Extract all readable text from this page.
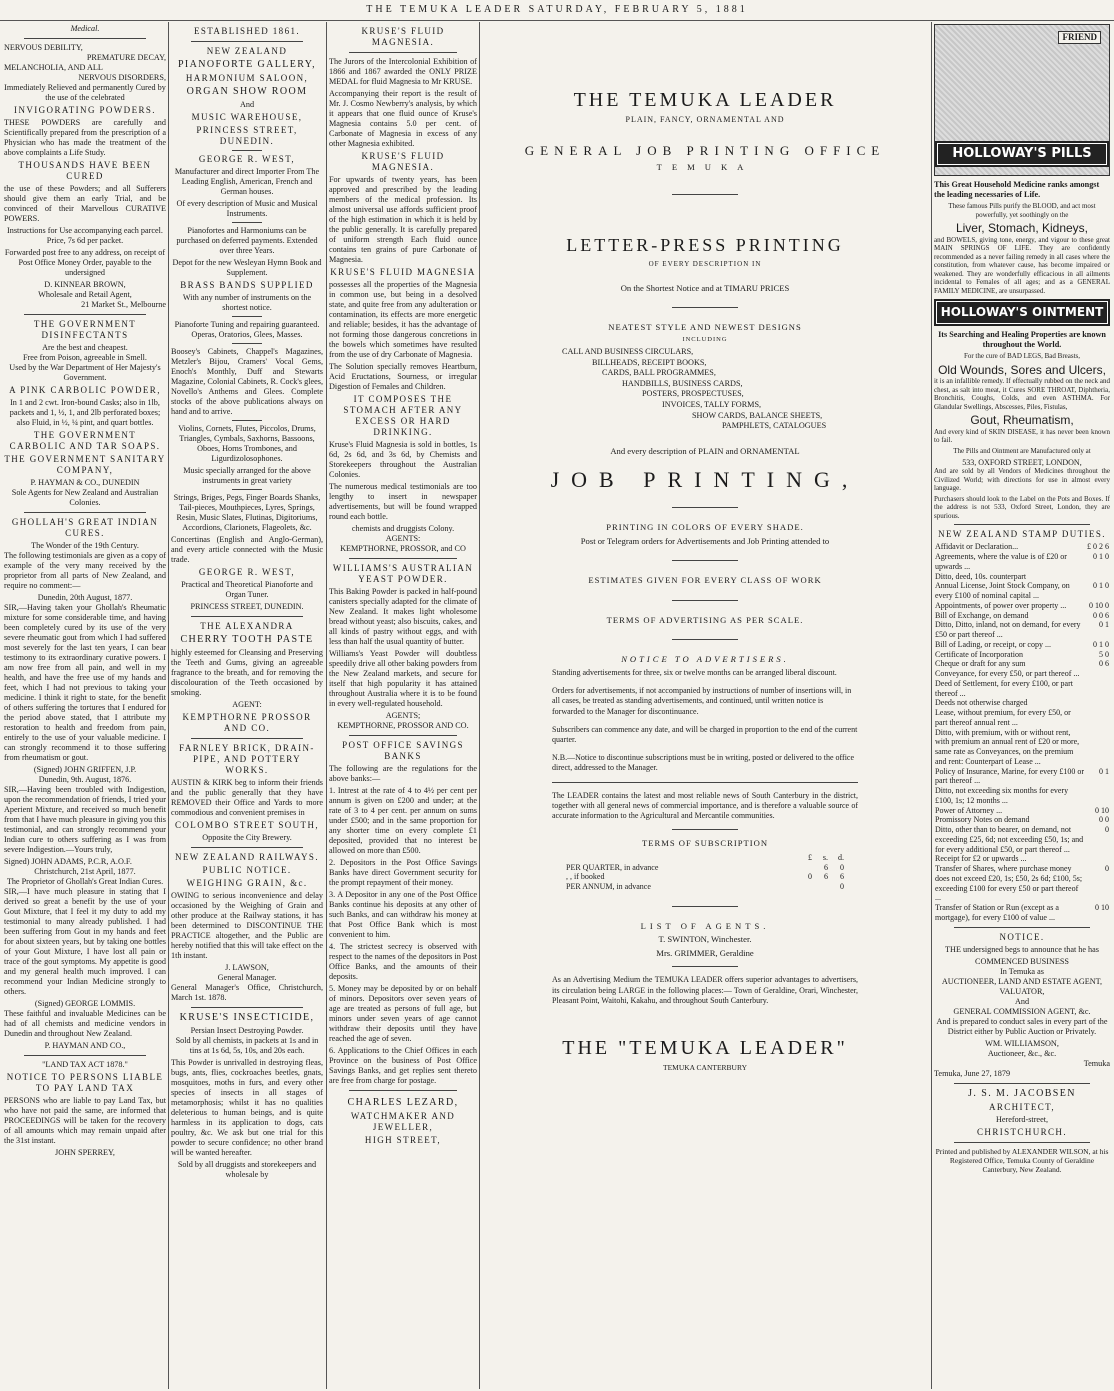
THE TEMUKA LEADER SATURDAY, FEBRUARY 5, 1881
Medical.
NERVOUS DEBILITY,
PREMATURE DECAY,
MELANCHOLIA, AND ALL
NERVOUS DISORDERS,

Immediately Relieved and permanently Cured by the use of the celebrated

INVIGORATING POWDERS.

THESE POWDERS are carefully and Scientifically prepared from the prescription of a Physician who has made the treatment of the above complaints a Life Study.

THOUSANDS HAVE BEEN CURED

the use of these Powders; and all Sufferers should give them an early Trial, and be convinced of their Marvellous CURATIVE POWERS.

Instructions for Use accompanying each parcel. Price, 7s 6d per packet.

Forwarded post free to any address, on receipt of Post Office Money Order, payable to the undersigned

D. KINNEAR BROWN,
Wholesale and Retail Agent,
21 Market St., Melbourne
THE GOVERNMENT DISINFECTANTS
Are the best and cheapest.
Free from Poison, agreeable in Smell.
Used by the War Department of Her Majesty's Government.
A PINK CARBOLIC POWDER,

In 1 and 2 cwt. Iron-bound Casks; also in 1lb, packets and 1, ½, 1, and 2lb perforated boxes; also Fluid, in ½, ¼ pint, and quart bottles.

THE GOVERNMENT CARBOLIC AND TAR SOAPS.
THE GOVERNMENT SANITARY COMPANY,
P. HAYMAN & CO., DUNEDIN
Sole Agents for New Zealand and Australian Colonies.
GHOLLAH'S GREAT INDIAN CURES.
The Wonder of the 19th Century.

The following testimonials are given as a copy of example of the very many received by the proprietor from all parts of New Zealand, and require no comment:—

Dunedin, 20th August, 1877.

SIR,—Having taken your Ghollah's Rheumatic mixture for some considerable time, and having been completely cured by its use of the very severe rheumatic gout from which I had suffered most severely for the last ten years, I can bear testimony to its extraordinary curative powers. I am now free from all pain, and well in my health, and have the free use of my hands and feet, which I had not previous to taking your medicine. I think it right to state, for the benefit of others suffering the tortures that I endured for the period above stated, that I attribute my restoration to health and freedom from pain, entirely to the use of your valuable medicine. I can strongly recommend it to those suffering from rheumatism or gout.

(Signed) JOHN GRIFFEN, J.P.
Dunedin, 9th. August, 1876.

SIR,—Having been troubled with Indigestion, upon the recommendation of friends, I tried your Aperient Mixture, and received so much benefit from that I have much pleasure in giving you this testimonial, and can strongly recommend your Indian cure to others suffering as I was from severe Indigestion.—Yours truly,

Signed) JOHN ADAMS, P.C.R, A.O.F.
Christchurch, 21st April, 1877.
The Proprietor of Ghollah's Great Indian Cures.

SIR,—I have much pleasure in stating that I derived so great a benefit by the use of your Gout Mixture, that I feel it my duty to add my testimonial to many already published. I had been suffering from Gout in my hands and feet for about sixteen years, but by taking one bottles of your Gout Mixture, I have lost all pain or trace of the gout symptoms. My appetite is good and my general health much improved. I can recommend your Indian Medicine strongly to others.

(Signed) GEORGE LOMMIS.

These faithful and invaluable Medicines can be had of all chemists and medicine vendors in Dunedin and throughout New Zealand.

P. HAYMAN AND CO.,
"LAND TAX ACT 1878."
NOTICE TO PERSONS LIABLE TO PAY LAND TAX

PERSONS who are liable to pay Land Tax, but who have not paid the same, are informed that PROCEEDINGS will be taken for the recovery of all amounts which may remain unpaid after the 31st instant.

JOHN SPERREY,
ESTABLISHED 1861.
NEW ZEALAND
PIANOFORTE GALLERY,
HARMONIUM SALOON,
ORGAN SHOW ROOM
And
MUSIC WAREHOUSE,
PRINCESS STREET, DUNEDIN.
GEORGE R. WEST,

Manufacturer and direct Importer From The Leading English, American, French and German houses.

Of every description of Music and Musical Instruments.

Pianofortes and Harmoniums can be purchased on deferred payments. Extended over three Years.

Depot for the new Wesleyan Hymn Book and Supplement.

BRASS BANDS SUPPLIED

With any number of instruments on the shortest notice.

Pianoforte Tuning and repairing guaranteed. Operas, Oratorios, Glees, Masses.

Boosey's Cabinets, Chappel's Magazines, Metzler's Bijou, Cramers' Vocal Gems, Enoch's Monthly, Duff and Stewarts Magazine, Colonial Cabinets, R. Cock's glees, Novello's Anthems and Glees. Complete stocks of the above publications always on hand and to arrive.

Violins, Cornets, Flutes, Piccolos, Drums, Triangles, Cymbals, Saxhorns, Bassoons, Oboes, Horns Trombones, and Ligurdizolosophones.

Music specially arranged for the above instruments in great variety

Strings, Briges, Pegs, Finger Boards Shanks, Tail-pieces, Mouthpieces, Lyres, Springs, Resin, Music Slates, Flutinas, Digitoriums, Accordions, Clarionets, Flageolets, &c.

Concertinas (English and Anglo-German), and every article connected with the Music trade.

GEORGE R. WEST,

Practical and Theoretical Pianoforte and Organ Tuner.

PRINCESS STREET, DUNEDIN.
THE ALEXANDRA
CHERRY TOOTH PASTE

highly esteemed for Cleansing and Preserving the Teeth and Gums, giving an agreeable fragrance to the breath, and for removing the discolouration of the Teeth occasioned by smoking.

AGENT:
KEMPTHORNE PROSSOR AND CO.
FARNLEY BRICK, DRAIN-PIPE, AND POTTERY WORKS.

AUSTIN & KIRK beg to inform their friends and the public generally that they have REMOVED their Office and Yards to more commodious and convenient premises in

COLOMBO STREET SOUTH,
Opposite the City Brewery.
NEW ZEALAND RAILWAYS.
PUBLIC NOTICE.
WEIGHING GRAIN, &c.

OWING to serious inconvenience and delay occasioned by the Weighing of Grain and other produce at the Railway stations, it has been determined to DISCONTINUE THE PRACTICE altogether, and the Public are hereby notified that this will take effect on the 1th instant.

J. LAWSON,
General Manager.

General Manager's Office, Christchurch, March 1st. 1878.

KRUSE'S INSECTICIDE,
Persian Insect Destroying Powder.

Sold by all chemists, in packets at 1s and in tins at 1s 6d, 5s, 10s, and 20s each.

This Powder is unrivalled in destroying fleas, bugs, ants, flies, cockroaches beetles, gnats, mosquitoes, moths in furs, and every other species of insects in all stages of metamorphosis; whilst it has no qualities deleterious to human beings, and is quite harmless in its application to dogs, cats poultry, &c. We ask but one trial for this powder to secure confidence; no other brand will be wanted hereafter.

Sold by all druggists and storekeepers and wholesale by

KRUSE'S FLUID MAGNESIA.

The Jurors of the Intercolonial Exhibition of 1866 and 1867 awarded the ONLY PRIZE MEDAL for fluid Magnesia to Mr KRUSE.

Accompanying their report is the result of Mr. J. Cosmo Newberry's analysis, by which it appears that one fluid ounce of Kruse's Magnesia contains 5.0 per cent. of Carbonate of Magnesia in excess of any other Magnesia exhibited.

KRUSE'S FLUID MAGNESIA.

For upwards of twenty years, has been approved and prescribed by the leading members of the medical profession. Its almost universal use affords sufficient proof of the high estimation in which it is held by the public generally. It is carefully prepared of uniform strength Each fluid ounce contains ten grains of pure Carbonate of Magnesia.

KRUSE'S FLUID MAGNESIA

possesses all the properties of the Magnesia in common use, but being in a desolved state, and quite free from any adulteration or contamination, its effects are more energetic and reliable; besides, it has the advantage of not forming those dangerous concretions in the bowels which sometimes have resulted from the use of dry Carbonate of Magnesia.

The Solution specially removes Heartburn, Acid Eructations, Sourness, or irregular Digestion of Females and Children.

IT COMPOSES THE STOMACH AFTER ANY EXCESS OR HARD DRINKING.

Kruse's Fluid Magnesia is sold in bottles, 1s 6d, 2s 6d, and 3s 6d, by Chemists and Storekeepers throughout the Australian Colonies.

The numerous medical testimonials are too lengthy to insert in newspaper advertisements, but will be found wrapped round each bottle.

chemists and druggists Colony.
AGENTS:
KEMPTHORNE, PROSSOR, and CO
WILLIAMS'S AUSTRALIAN YEAST POWDER.

This Baking Powder is packed in half-pound canisters specially adapted for the climate of New Zealand. It makes light wholesome bread without yeast; also biscuits, cakes, and all kinds of pastry without eggs, and with less than half the usual quantity of butter.

Williams's Yeast Powder will doubtless speedily drive all other baking powders from the New Zealand markets, and secure for itself that high popularity it has attained throughout Australia where it is to be found in every well-regulated household.

AGENTS;
KEMPTHORNE, PROSSOR AND CO.
POST OFFICE SAVINGS BANKS

The following are the regulations for the above banks:—

1. Intrest at the rate of 4 to 4½ per cent per annum is given on £200 and under; at the rate of 3 to 4 per cent. per annum on sums under £500; and in the same proportion for any shorter time on every complete £1 deposited, provided that no interest be allowed on more than £500.

2. Depositors in the Post Office Savings Banks have direct Government security for the prompt repayment of their money.

3. A Depositor in any one of the Post Office Banks continue his deposits at any other of such Banks, and can withdraw his money at that Post Office Bank which is most convenient to him.

4. The strictest secrecy is observed with respect to the names of the depositors in Post Office Banks, and the amounts of their deposits.

5. Money may be deposited by or on behalf of minors. Depositors over seven years of age are treated as persons of full age, but minors under seven years of age cannot withdraw their deposits until they have reached the age of seven.

6. Applications to the Chief Offices in each Province on the business of Post Office Savings Banks, and get replies sent thereto are free from charge for postage.

CHARLES LEZARD,
WATCHMAKER AND JEWELLER,
HIGH STREET,
THE TEMUKA LEADER
PLAIN, FANCY, ORNAMENTAL AND
GENERAL JOB PRINTING OFFICE
TEMUKA
LETTER-PRESS PRINTING
OF EVERY DESCRIPTION IN
On the Shortest Notice and at TIMARU PRICES
NEATEST STYLE AND NEWEST DESIGNS
INCLUDING
CALL AND BUSINESS CIRCULARS,
BILLHEADS, RECEIPT BOOKS,
CARDS, BALL PROGRAMMES,
HANDBILLS, BUSINESS CARDS,
POSTERS, PROSPECTUSES,
INVOICES, TALLY FORMS,
SHOW CARDS, BALANCE SHEETS,
PAMPHLETS, CATALOGUES
And every description of PLAIN and ORNAMENTAL
JOB PRINTING,
PRINTING IN COLORS OF EVERY SHADE.
Post or Telegram orders for Advertisements and Job Printing attended to
ESTIMATES GIVEN FOR EVERY CLASS OF WORK
TERMS OF ADVERTISING AS PER SCALE.
NOTICE TO ADVERTISERS.

Standing advertisements for three, six or twelve months can be arranged liberal discount.

Orders for advertisements, if not accompanied by instructions of number of insertions will, in all cases, be treated as standing advertisements, and continued, until written notice is forwarded to the Manager for discontinuance.

Subscribers can commence any date, and will be charged in proportion to the end of the current quarter.

N.B.—Notice to discontinue subscriptions must be in writing, posted or delivered to the office direct, addressed to the Manager.

The LEADER contains the latest and most reliable news of South Canterbury in the district, together with all general news of commercial importance, and is therefore a valuable source of accurate information to the Agricultural and Mercantile communities.

TERMS OF SUBSCRIPTION
	£	s.	d.
PER QUARTER, in advance		6	0
, , if booked	0	6	6
PER ANNUM, in advance			0
LIST OF AGENTS.
T. SWINTON, Winchester.
Mrs. GRIMMER, Geraldine

As an Advertising Medium the TEMUKA LEADER offers superior advantages to advertisers, its circulation being LARGE in the following places:— Town of Geraldine, Orari, Winchester, Pleasant Point, Waitohi, Kakahu, and throughout South Canterbury.

THE "TEMUKA LEADER"
TEMUKA CANTERBURY
FRIEND
HOLLOWAY'S PILLS

This Great Household Medicine ranks amongst the leading necessaries of Life.

These famous Pills purify the BLOOD, and act most powerfully, yet soothingly on the

Liver, Stomach, Kidneys,

and BOWELS, giving tone, energy, and vigour to these great MAIN SPRINGS OF LIFE. They are confidently recommended as a never failing remedy in all cases where the constitution, from whatever cause, has become impaired or weakened. They are wonderfully efficacious in all ailments incidental to Females of all ages; and as a GENERAL FAMILY MEDICINE, are unsurpassed.

HOLLOWAY'S OINTMENT

Its Searching and Healing Properties are known throughout the World.

For the cure of BAD LEGS, Bad Breasts,

Old Wounds, Sores and Ulcers,

it is an infallible remedy. If effectually rubbed on the neck and chest, as salt into meat, it Cures SORE THROAT, Diphtheria, Bronchitis, Coughs, Colds, and even ASTHMA. For Glandular Swellings, Abscesses, Piles, Fistulas,

Gout, Rheumatism,

And every kind of SKIN DISEASE, it has never been known to fail.

The Pills and Ointment are Manufactured only at

533, OXFORD STREET, LONDON,

And are sold by all Vendors of Medicines throughout the Civilized World; with directions for use in almost every language.

Purchasers should look to the Label on the Pots and Boxes. If the address is not 533, Oxford Street, London, they are spurious.

NEW ZEALAND STAMP DUTIES.
Affidavit or Declaration...	£ 0 2 6
Agreements, where the value is of £20 or upwards ...	0 1 0
Ditto, deed, 10s. counterpart	
Annual License, Joint Stock Company, on every £100 of nominal capital ...	0 1 0
Appointments, of power over property ...	0 10 0
Bill of Exchange, on demand	0 0 6
Ditto, Ditto, inland, not on demand, for every £50 or part thereof ...	0 1
Bill of Lading, or receipt, or copy ...	0 1 0
Certificate of Incorporation	5 0
Cheque or draft for any sum	0 6
Conveyance, for every £50, or part thereof ...	
Deed of Settlement, for every £100, or part thereof ...	
Deeds not otherwise charged	
Lease, without premium, for every £50, or part thereof annual rent ...	
Ditto, with premium, with or without rent, with premium an annual rent of £20 or more, same rate as Conveyances, on the premium and rent: Counterpart of Lease ...	
Policy of Insurance, Marine, for every £100 or part thereof ...	0 1
Ditto, not exceeding six months for every £100, 1s; 12 months ...	
Power of Attorney ...	0 10
Promissory Notes on demand	0 0
Ditto, other than to bearer, on demand, not exceeding £25, 6d; not exceeding £50, 1s; and for every additional £50, or part thereof ...	0
Receipt for £2 or upwards ...	
Transfer of Shares, where purchase money does not exceed £20, 1s; £50, 2s 6d; £100, 5s; exceeding £100 for every £50 or part thereof ...	0
Transfer of Station or Run (except as a mortgage), for every £100 of value ...	0 10
NOTICE.

THE undersigned begs to announce that he has

COMMENCED BUSINESS
In Temuka as
AUCTIONEER, LAND AND ESTATE AGENT, VALUATOR,
And
GENERAL COMMISSION AGENT, &c.

And is prepared to conduct sales in every part of the District either by Public Auction or Privately.

WM. WILLIAMSON,
Auctioneer, &c., &c.
Temuka
Temuka, June 27, 1879
J. S. M. JACOBSEN
ARCHITECT,
Hereford-street,
CHRISTCHURCH.

Printed and published by ALEXANDER WILSON, at his Registered Office, Temuka County of Geraldine Canterbury, New Zealand.
